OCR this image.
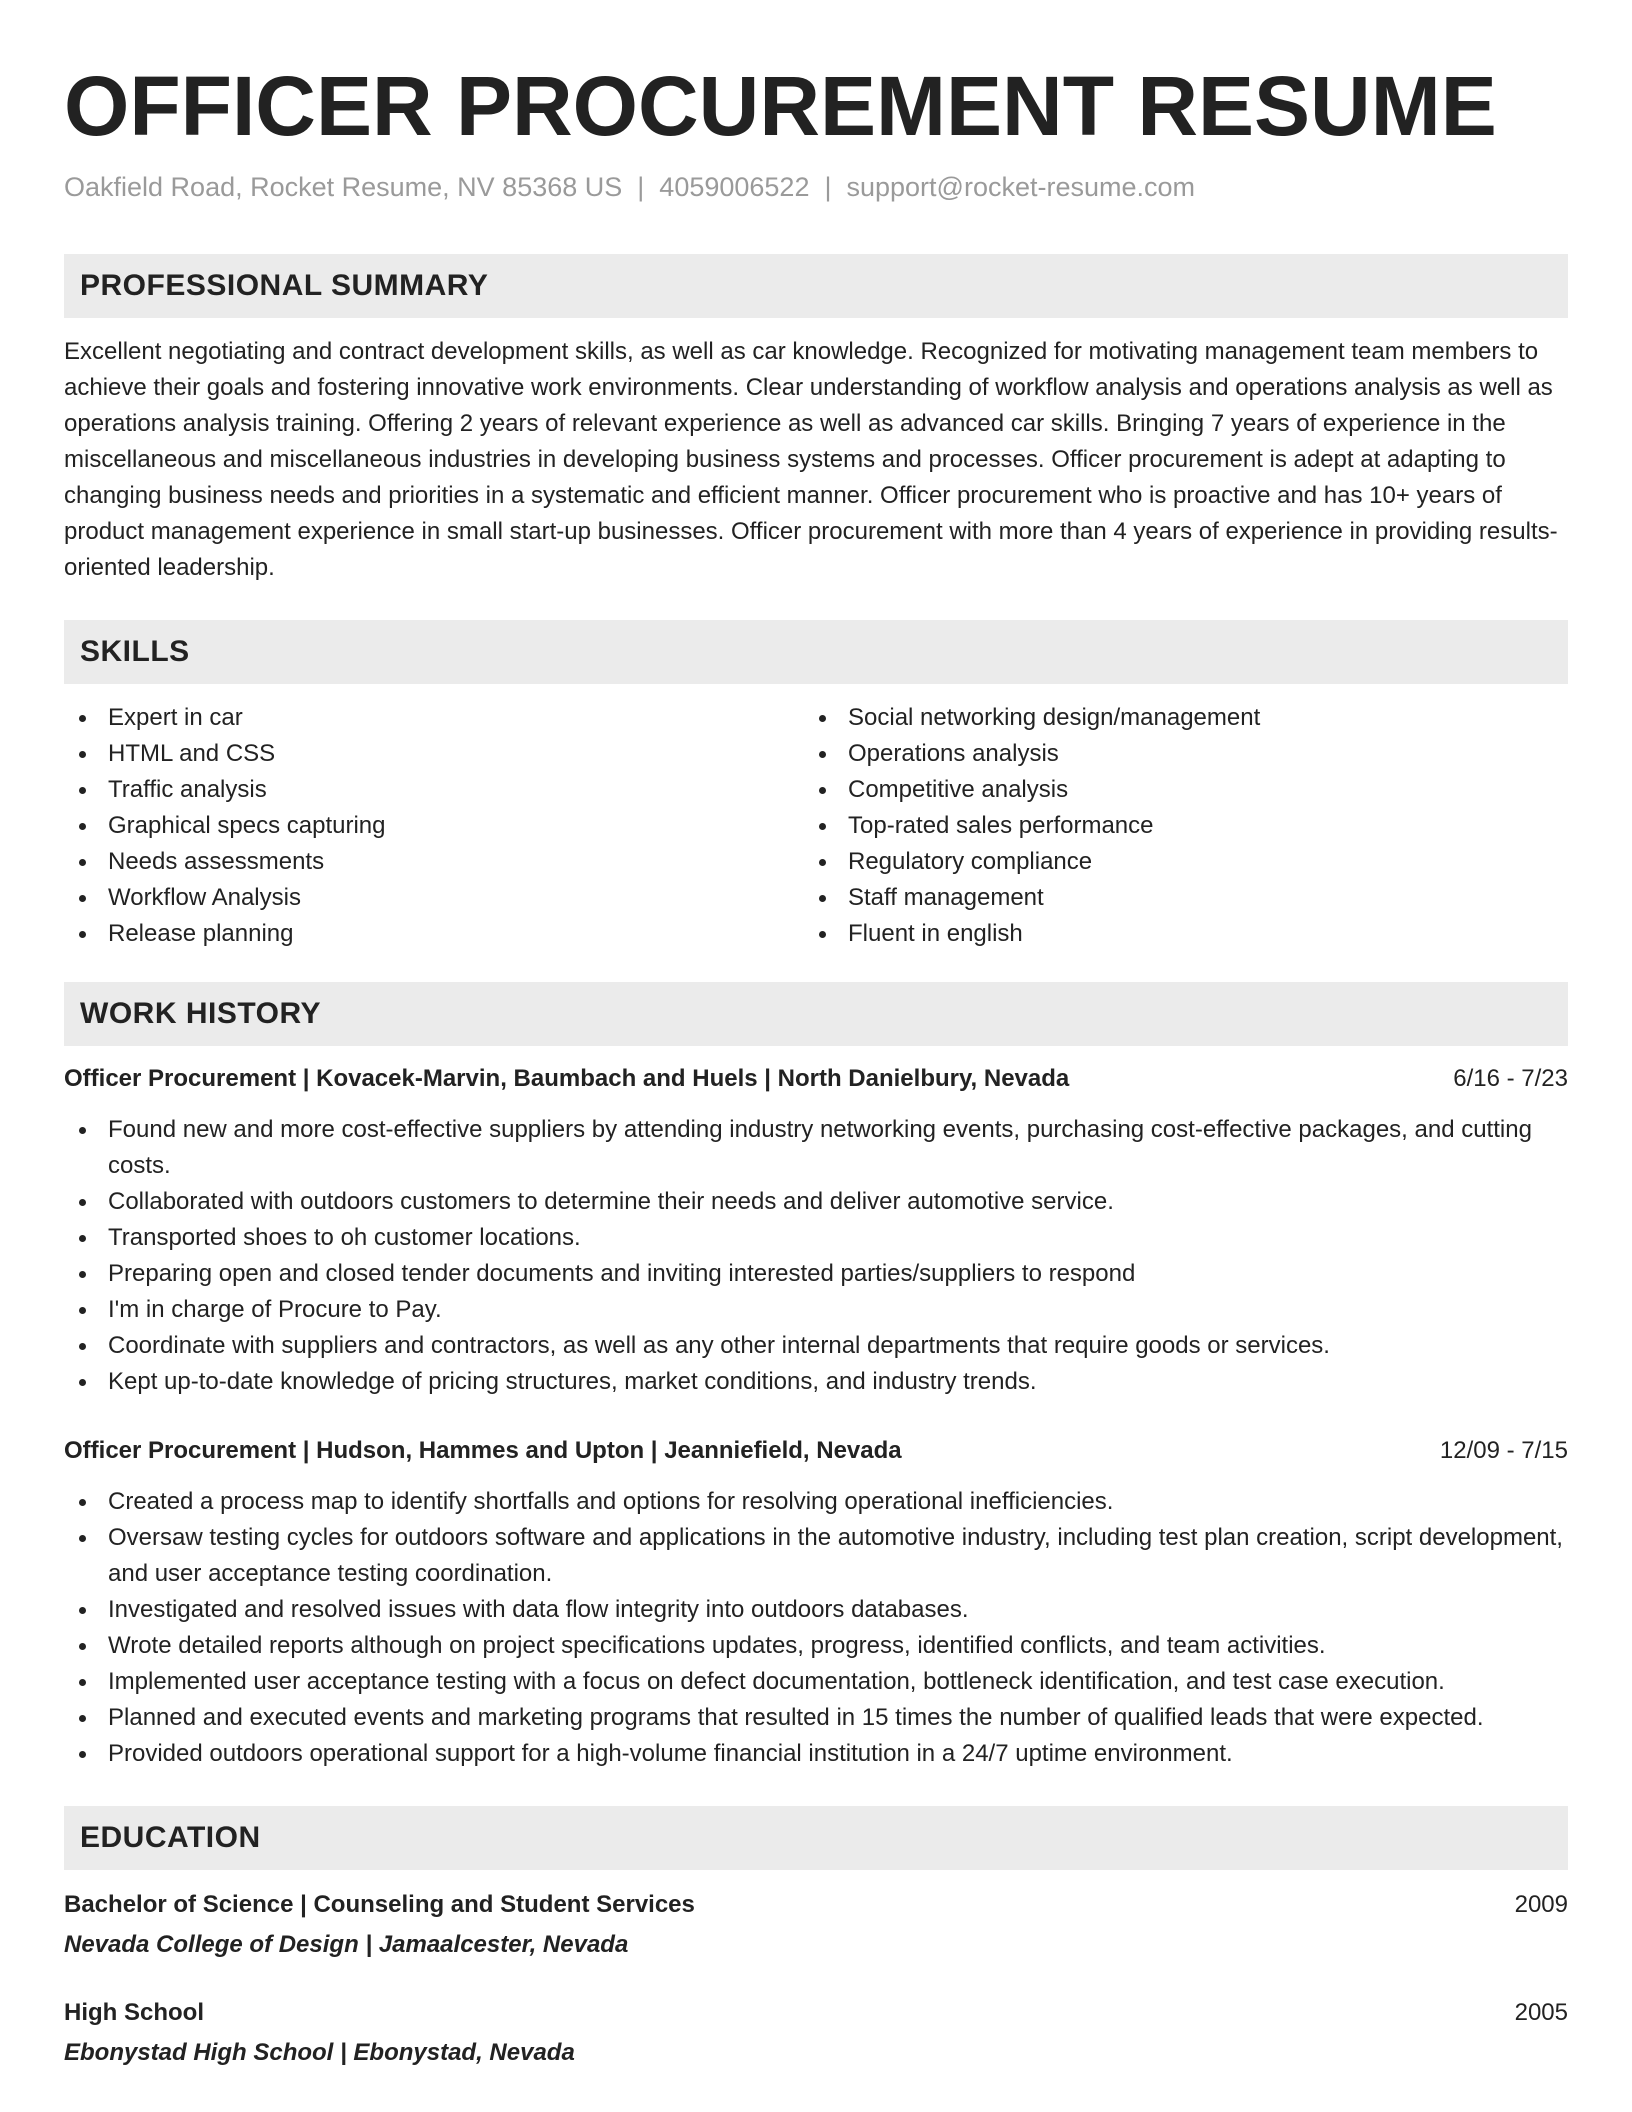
OFFICER PROCUREMENT RESUME
Oakfield Road, Rocket Resume, NV 85368 US | 4059006522 | support@rocket-resume.com
PROFESSIONAL SUMMARY
Excellent negotiating and contract development skills, as well as car knowledge. Recognized for motivating management team members to achieve their goals and fostering innovative work environments. Clear understanding of workflow analysis and operations analysis as well as operations analysis training. Offering 2 years of relevant experience as well as advanced car skills. Bringing 7 years of experience in the miscellaneous and miscellaneous industries in developing business systems and processes. Officer procurement is adept at adapting to changing business needs and priorities in a systematic and efficient manner. Officer procurement who is proactive and has 10+ years of product management experience in small start-up businesses. Officer procurement with more than 4 years of experience in providing results-oriented leadership.
SKILLS
Expert in car
HTML and CSS
Traffic analysis
Graphical specs capturing
Needs assessments
Workflow Analysis
Release planning
Social networking design/management
Operations analysis
Competitive analysis
Top-rated sales performance
Regulatory compliance
Staff management
Fluent in english
WORK HISTORY
Officer Procurement | Kovacek-Marvin, Baumbach and Huels | North Danielbury, Nevada	6/16 - 7/23
Found new and more cost-effective suppliers by attending industry networking events, purchasing cost-effective packages, and cutting costs.
Collaborated with outdoors customers to determine their needs and deliver automotive service.
Transported shoes to oh customer locations.
Preparing open and closed tender documents and inviting interested parties/suppliers to respond
I'm in charge of Procure to Pay.
Coordinate with suppliers and contractors, as well as any other internal departments that require goods or services.
Kept up-to-date knowledge of pricing structures, market conditions, and industry trends.
Officer Procurement | Hudson, Hammes and Upton | Jeanniefield, Nevada	12/09 - 7/15
Created a process map to identify shortfalls and options for resolving operational inefficiencies.
Oversaw testing cycles for outdoors software and applications in the automotive industry, including test plan creation, script development, and user acceptance testing coordination.
Investigated and resolved issues with data flow integrity into outdoors databases.
Wrote detailed reports although on project specifications updates, progress, identified conflicts, and team activities.
Implemented user acceptance testing with a focus on defect documentation, bottleneck identification, and test case execution.
Planned and executed events and marketing programs that resulted in 15 times the number of qualified leads that were expected.
Provided outdoors operational support for a high-volume financial institution in a 24/7 uptime environment.
EDUCATION
Bachelor of Science | Counseling and Student Services	2009
Nevada College of Design | Jamaalcester, Nevada
High School	2005
Ebonystad High School | Ebonystad, Nevada
